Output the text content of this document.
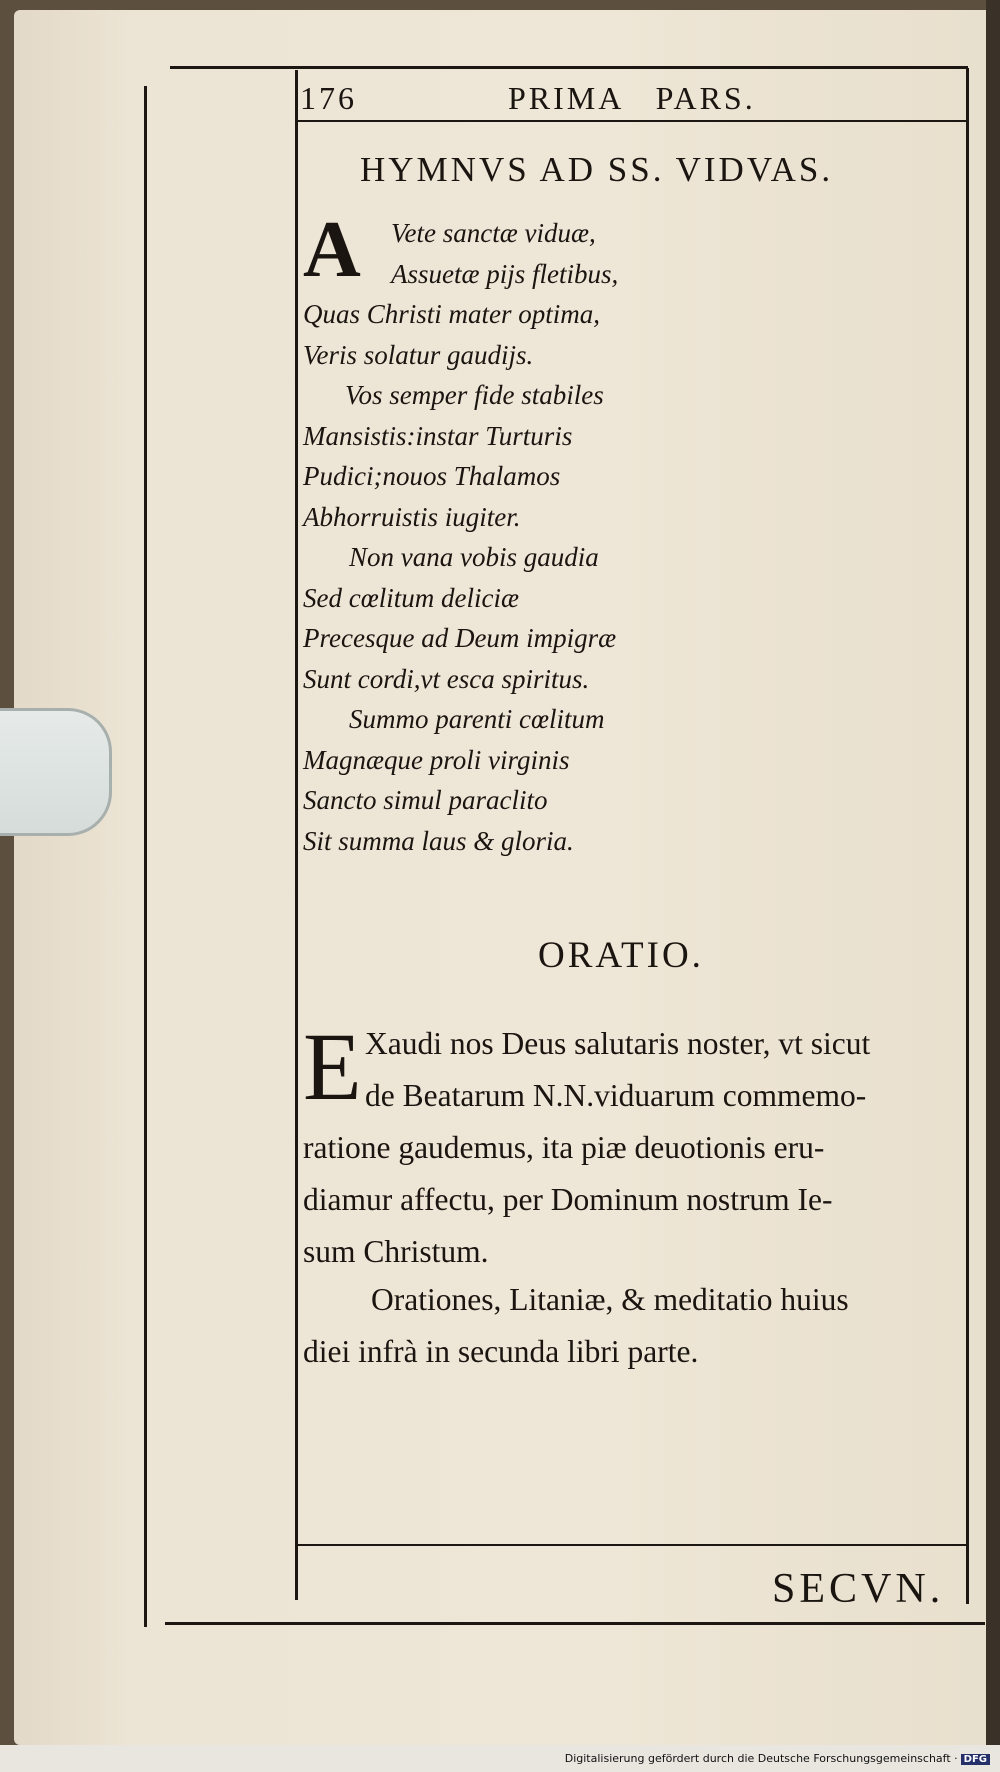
176	PRIMA   PARS.
HYMNVS AD SS. VIDVAS.
A	Vete sanctæ viduæ,
Assuetæ pijs fletibus,
Quas Christi mater optima,
Veris solatur gaudijs.
Vos semper fide stabiles
Mansistis:instar Turturis
Pudici;nouos Thalamos
Abhorruistis iugiter.
Non vana vobis gaudia
Sed cœlitum deliciæ
Precesque ad Deum impigræ
Sunt cordi,vt esca spiritus.
Summo parenti cœlitum
Magnæque proli virginis
Sancto simul paraclito
Sit summa laus & gloria.
ORATIO.
E Xaudi nos Deus salutaris noster, vt sicut
de Beatarum N.N.viduarum commemo-
ratione gaudemus, ita piæ deuotionis eru-
diamur affectu, per Dominum nostrum Ie-
sum Christum.
Orationes, Litaniæ, & meditatio huius
diei infrà in secunda libri parte.
SECVN.
Digitalisierung gefördert durch die Deutsche Forschungsgemeinschaft · DFG
